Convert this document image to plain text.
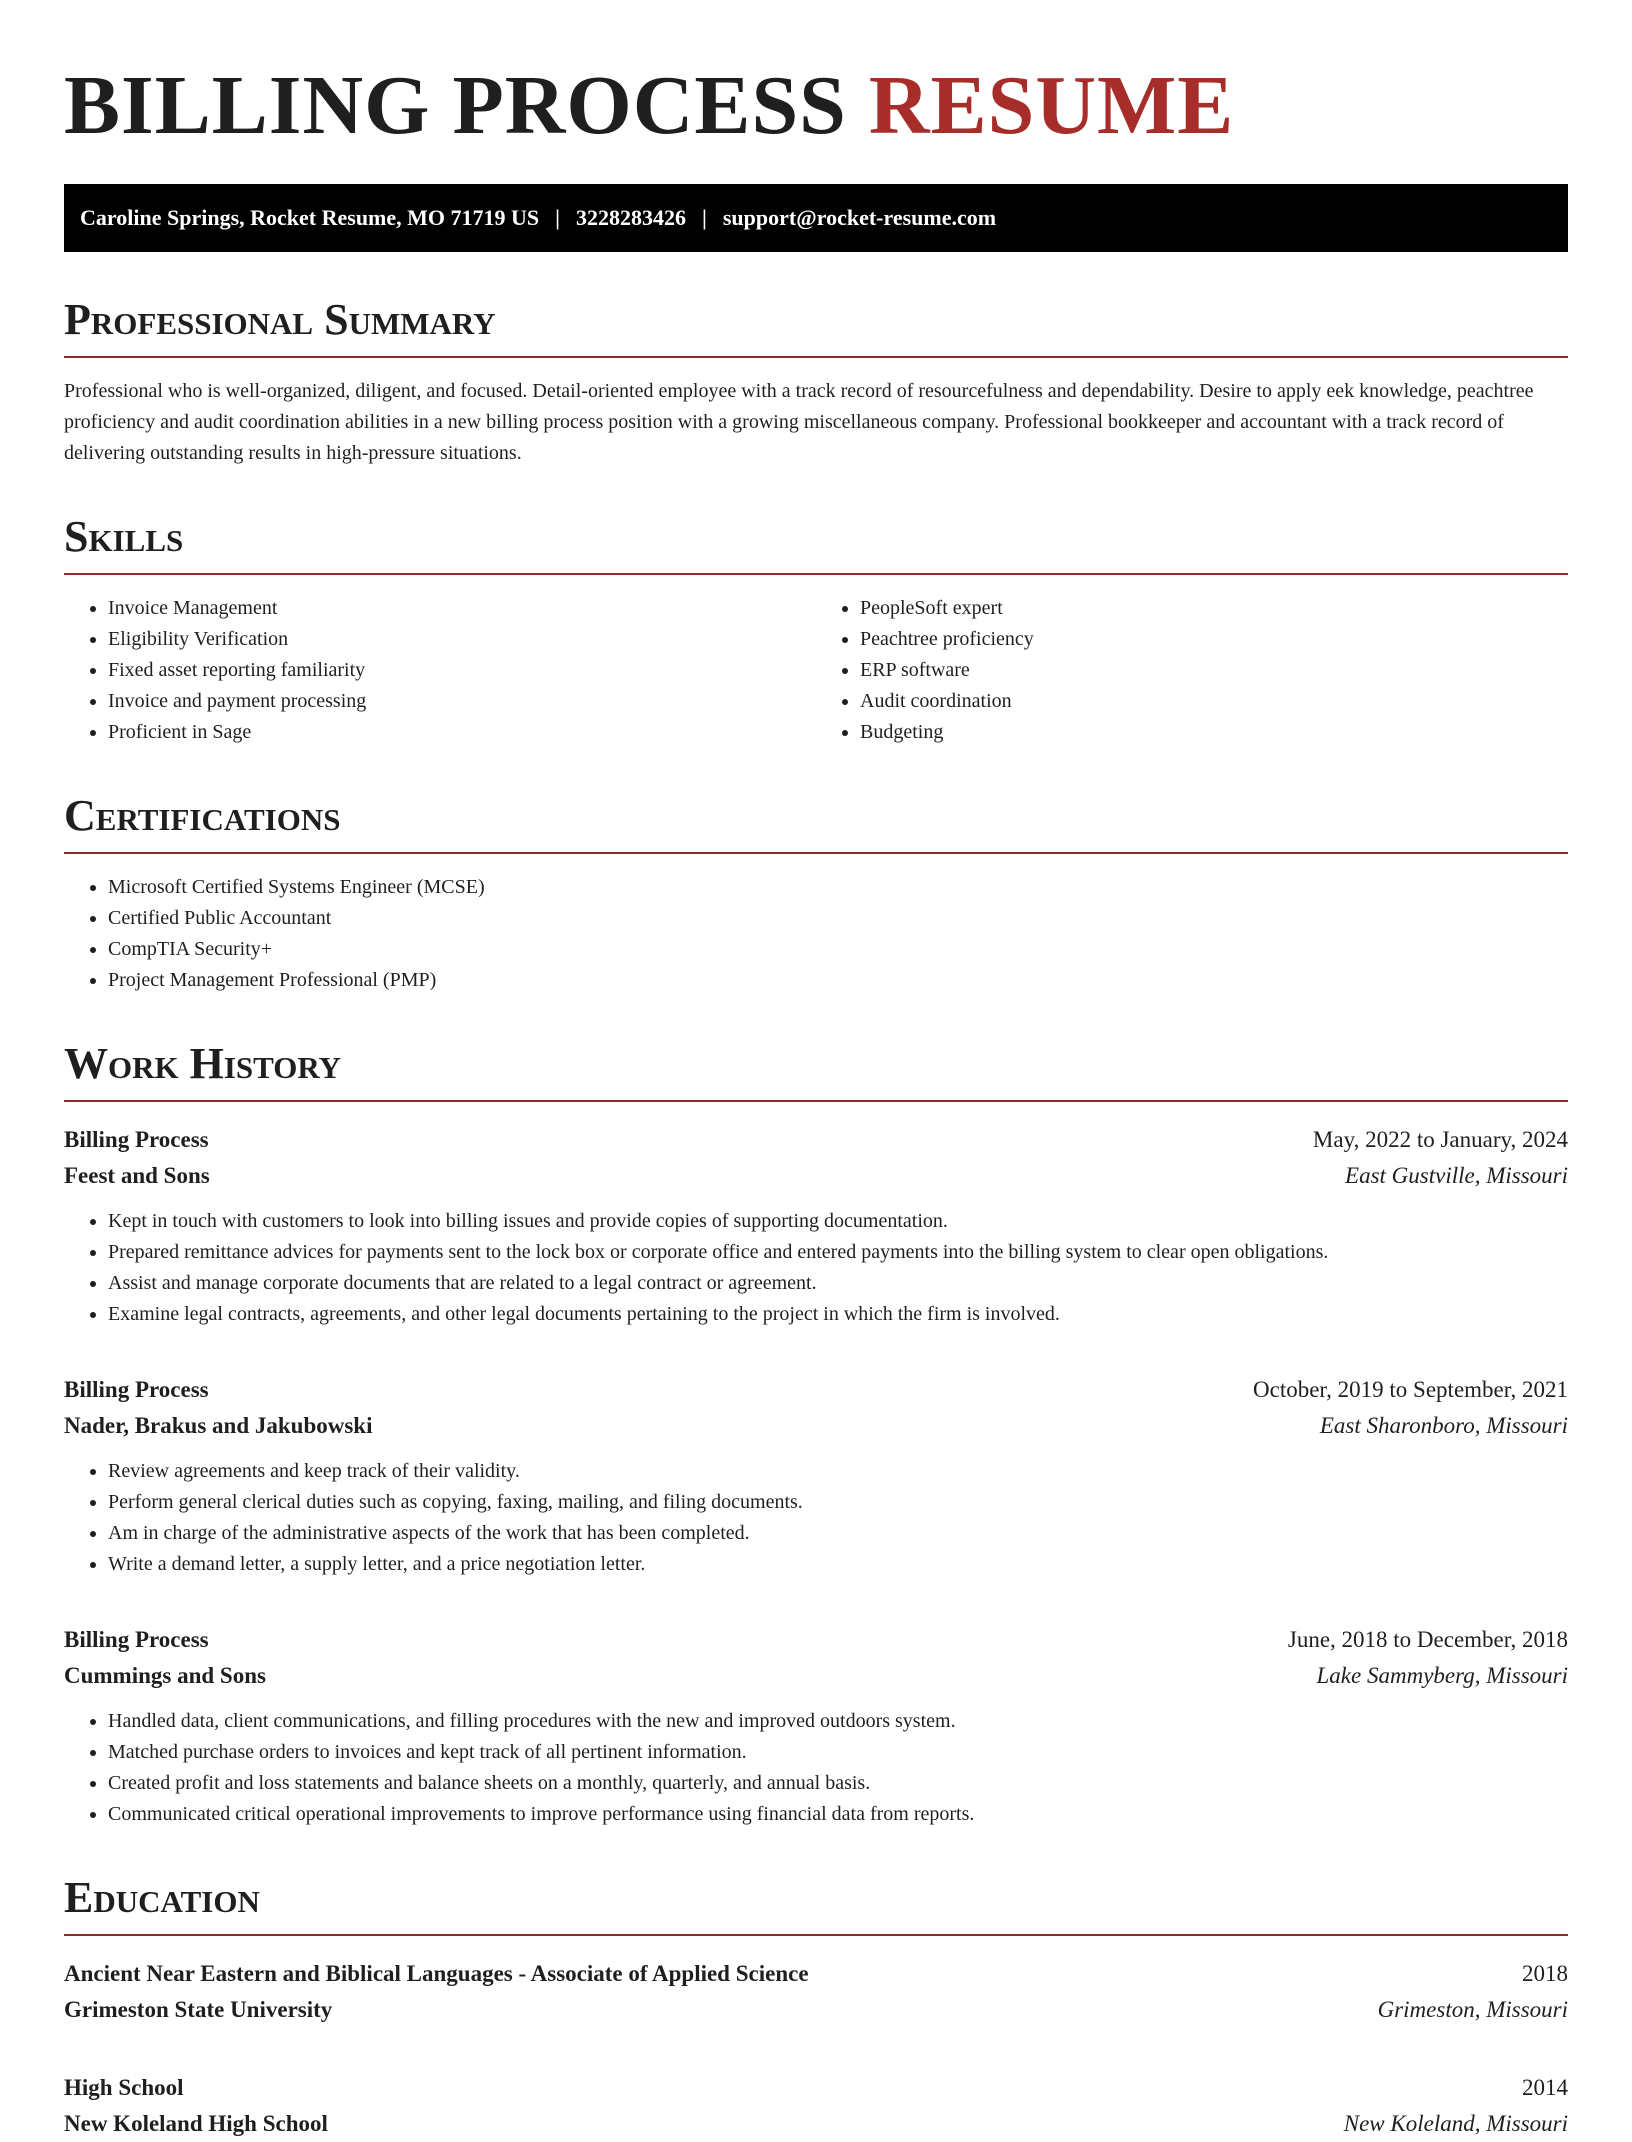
BILLING PROCESS RESUME
Caroline Springs, Rocket Resume, MO 71719 US | 3228283426 | support@rocket-resume.com
Professional Summary

Professional who is well-organized, diligent, and focused. Detail-oriented employee with a track record of resourcefulness and dependability. Desire to apply eek knowledge, peachtree proficiency and audit coordination abilities in a new billing process position with a growing miscellaneous company. Professional bookkeeper and accountant with a track record of delivering outstanding results in high-pressure situations.

Skills
• Invoice Management
• Eligibility Verification
• Fixed asset reporting familiarity
• Invoice and payment processing
• Proficient in Sage
• PeopleSoft expert
• Peachtree proficiency
• ERP software
• Audit coordination
• Budgeting
Certifications
• Microsoft Certified Systems Engineer (MCSE)
• Certified Public Accountant
• CompTIA Security+
• Project Management Professional (PMP)
Work History
Billing Process	May, 2022 to January, 2024
Feest and Sons	East Gustville, Missouri
• Kept in touch with customers to look into billing issues and provide copies of supporting documentation.
• Prepared remittance advices for payments sent to the lock box or corporate office and entered payments into the billing system to clear open obligations.
• Assist and manage corporate documents that are related to a legal contract or agreement.
• Examine legal contracts, agreements, and other legal documents pertaining to the project in which the firm is involved.
Billing Process	October, 2019 to September, 2021
Nader, Brakus and Jakubowski	East Sharonboro, Missouri
• Review agreements and keep track of their validity.
• Perform general clerical duties such as copying, faxing, mailing, and filing documents.
• Am in charge of the administrative aspects of the work that has been completed.
• Write a demand letter, a supply letter, and a price negotiation letter.
Billing Process	June, 2018 to December, 2018
Cummings and Sons	Lake Sammyberg, Missouri
• Handled data, client communications, and filling procedures with the new and improved outdoors system.
• Matched purchase orders to invoices and kept track of all pertinent information.
• Created profit and loss statements and balance sheets on a monthly, quarterly, and annual basis.
• Communicated critical operational improvements to improve performance using financial data from reports.
Education
Ancient Near Eastern and Biblical Languages - Associate of Applied Science	2018
Grimeston State University	Grimeston, Missouri
High School	2014
New Koleland High School	New Koleland, Missouri
